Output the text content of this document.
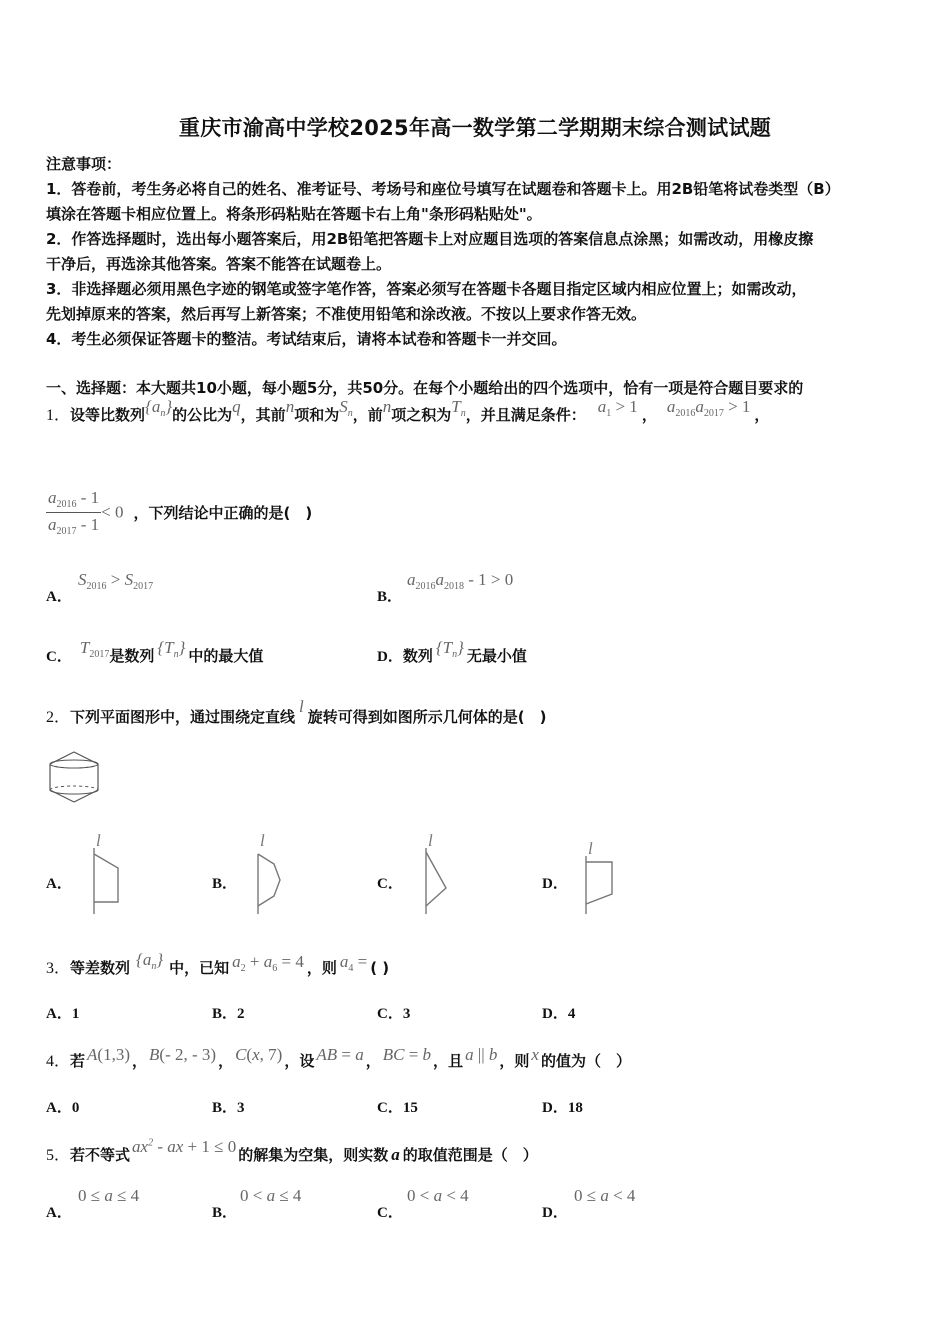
重庆市渝高中学校2025年高一数学第二学期期末综合测试试题
注意事项：
1．答卷前，考生务必将自己的姓名、准考证号、考场号和座位号填写在试题卷和答题卡上。用2B铅笔将试卷类型（B）
填涂在答题卡相应位置上。将条形码粘贴在答题卡右上角"条形码粘贴处"。
2．作答选择题时，选出每小题答案后，用2B铅笔把答题卡上对应题目选项的答案信息点涂黑；如需改动，用橡皮擦
干净后，再选涂其他答案。答案不能答在试题卷上。
3．非选择题必须用黑色字迹的钢笔或签字笔作答，答案必须写在答题卡各题目指定区域内相应位置上；如需改动，
先划掉原来的答案，然后再写上新答案；不准使用铅笔和涂改液。不按以上要求作答无效。
4．考生必须保证答题卡的整洁。考试结束后，请将本试卷和答题卡一并交回。
一、选择题：本大题共10小题，每小题5分，共50分。在每个小题给出的四个选项中，恰有一项是符合题目要求的
1．设等比数列$\{a_n\}$的公比为q，其前n项和为$S_n$，前n项之积为$T_n$，并且满足条件： $a_1 > 1$ ， $a_{2016}a_{2017} > 1$ ，
$\frac{a_{2016} - 1}{a_{2017} - 1} < 0$ ，下列结论中正确的是(　)
A．
$S_{2016} > S_{2017}$
B．
$a_{2016}a_{2018} - 1 > 0$
C． $T_{2017}$是数列 $\{T_n\}$ 中的最大值	D．数列 $\{T_n\}$ 无最小值
2．下列平面图形中，通过围绕定直线l旋转可得到如图所示几何体的是(　)
A．
l
B．
l
C．
l
D．
l
3．等差数列 $\{a_n\}$ 中，已知 $a_2 + a_6 = 4$ ，则 $a_4$ = ( )
A．1	B．2	C．3	D．4
4．若 A(1,3) ， B(- 2, - 3) ， C(x, 7) ，设 AB = a ， BC = b ，且 a || b ，则 x 的值为（　）
A．0	B．3	C．15	D．18
5．若不等式 $ax^2$ - ax + 1 ≤ 0 的解集为空集，则实数 a 的取值范围是（　）
A．
0 ≤ a ≤ 4
B．
0 < a ≤ 4
C．
0 < a < 4
D．
0 ≤ a < 4
